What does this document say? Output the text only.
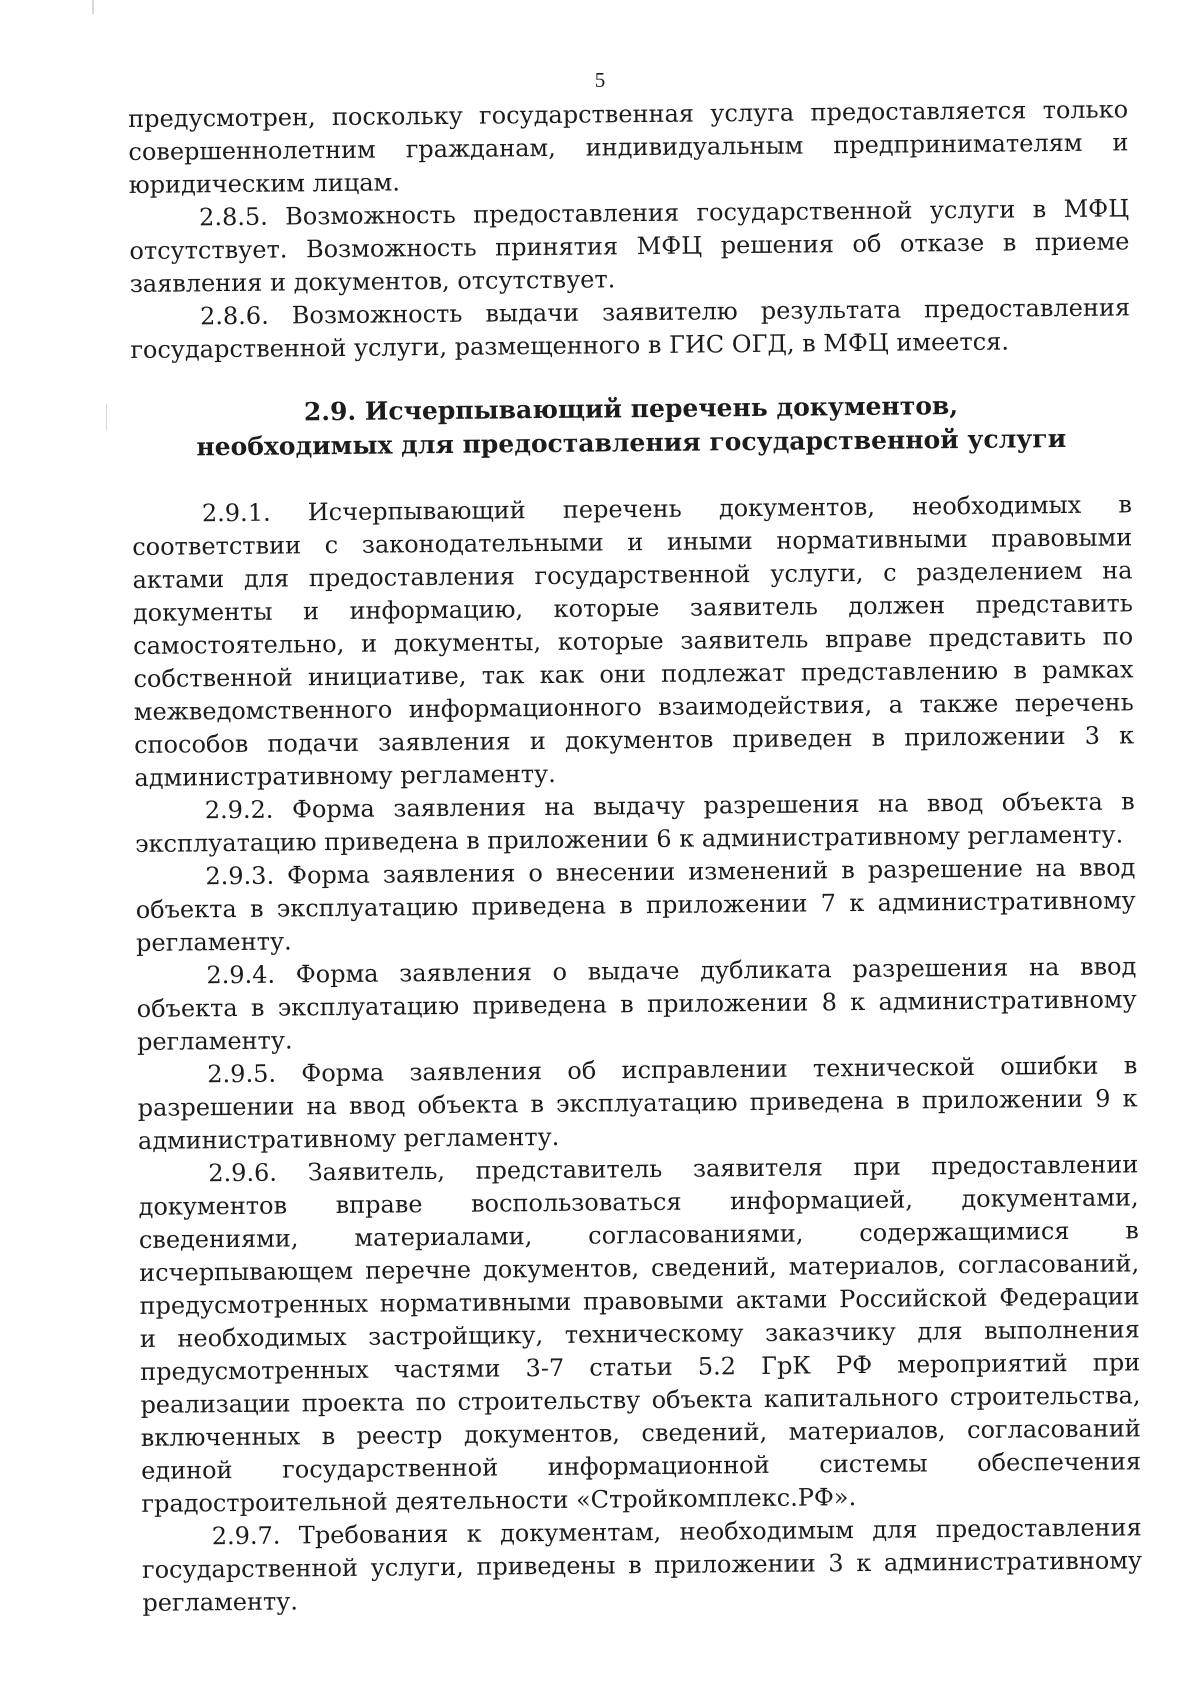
5

предусмотрен, поскольку государственная услуга предоставляется только совершеннолетним гражданам, индивидуальным предпринимателям и юридическим лицам.

2.8.5. Возможность предоставления государственной услуги в МФЦ отсутствует. Возможность принятия МФЦ решения об отказе в приеме заявления и документов, отсутствует.

2.8.6. Возможность выдачи заявителю результата предоставления государственной услуги, размещенного в ГИС ОГД, в МФЦ имеется.

2.9. Исчерпывающий перечень документов,
необходимых для предоставления государственной услуги

2.9.1. Исчерпывающий перечень документов, необходимых в соответствии с законодательными и иными нормативными правовыми актами для предоставления государственной услуги, с разделением на документы и информацию, которые заявитель должен представить самостоятельно, и документы, которые заявитель вправе представить по собственной инициативе, так как они подлежат представлению в рамках межведомственного информационного взаимодействия, а также перечень способов подачи заявления и документов приведен в приложении 3 к административному регламенту.

2.9.2. Форма заявления на выдачу разрешения на ввод объекта в эксплуатацию приведена в приложении 6 к административному регламенту.

2.9.3. Форма заявления о внесении изменений в разрешение на ввод объекта в эксплуатацию приведена в приложении 7 к административному регламенту.

2.9.4. Форма заявления о выдаче дубликата разрешения на ввод объекта в эксплуатацию приведена в приложении 8 к административному регламенту.

2.9.5. Форма заявления об исправлении технической ошибки в разрешении на ввод объекта в эксплуатацию приведена в приложении 9 к административному регламенту.

2.9.6. Заявитель, представитель заявителя при предоставлении документов вправе воспользоваться информацией, документами, сведениями, материалами, согласованиями, содержащимися в исчерпывающем перечне документов, сведений, материалов, согласований, предусмотренных нормативными правовыми актами Российской Федерации и необходимых застройщику, техническому заказчику для выполнения предусмотренных частями 3-7 статьи 5.2 ГрК РФ мероприятий при реализации проекта по строительству объекта капитального строительства, включенных в реестр документов, сведений, материалов, согласований единой государственной информационной системы обеспечения градостроительной деятельности «Стройкомплекс.РФ».

2.9.7. Требования к документам, необходимым для предоставления государственной услуги, приведены в приложении 3 к административному регламенту.
